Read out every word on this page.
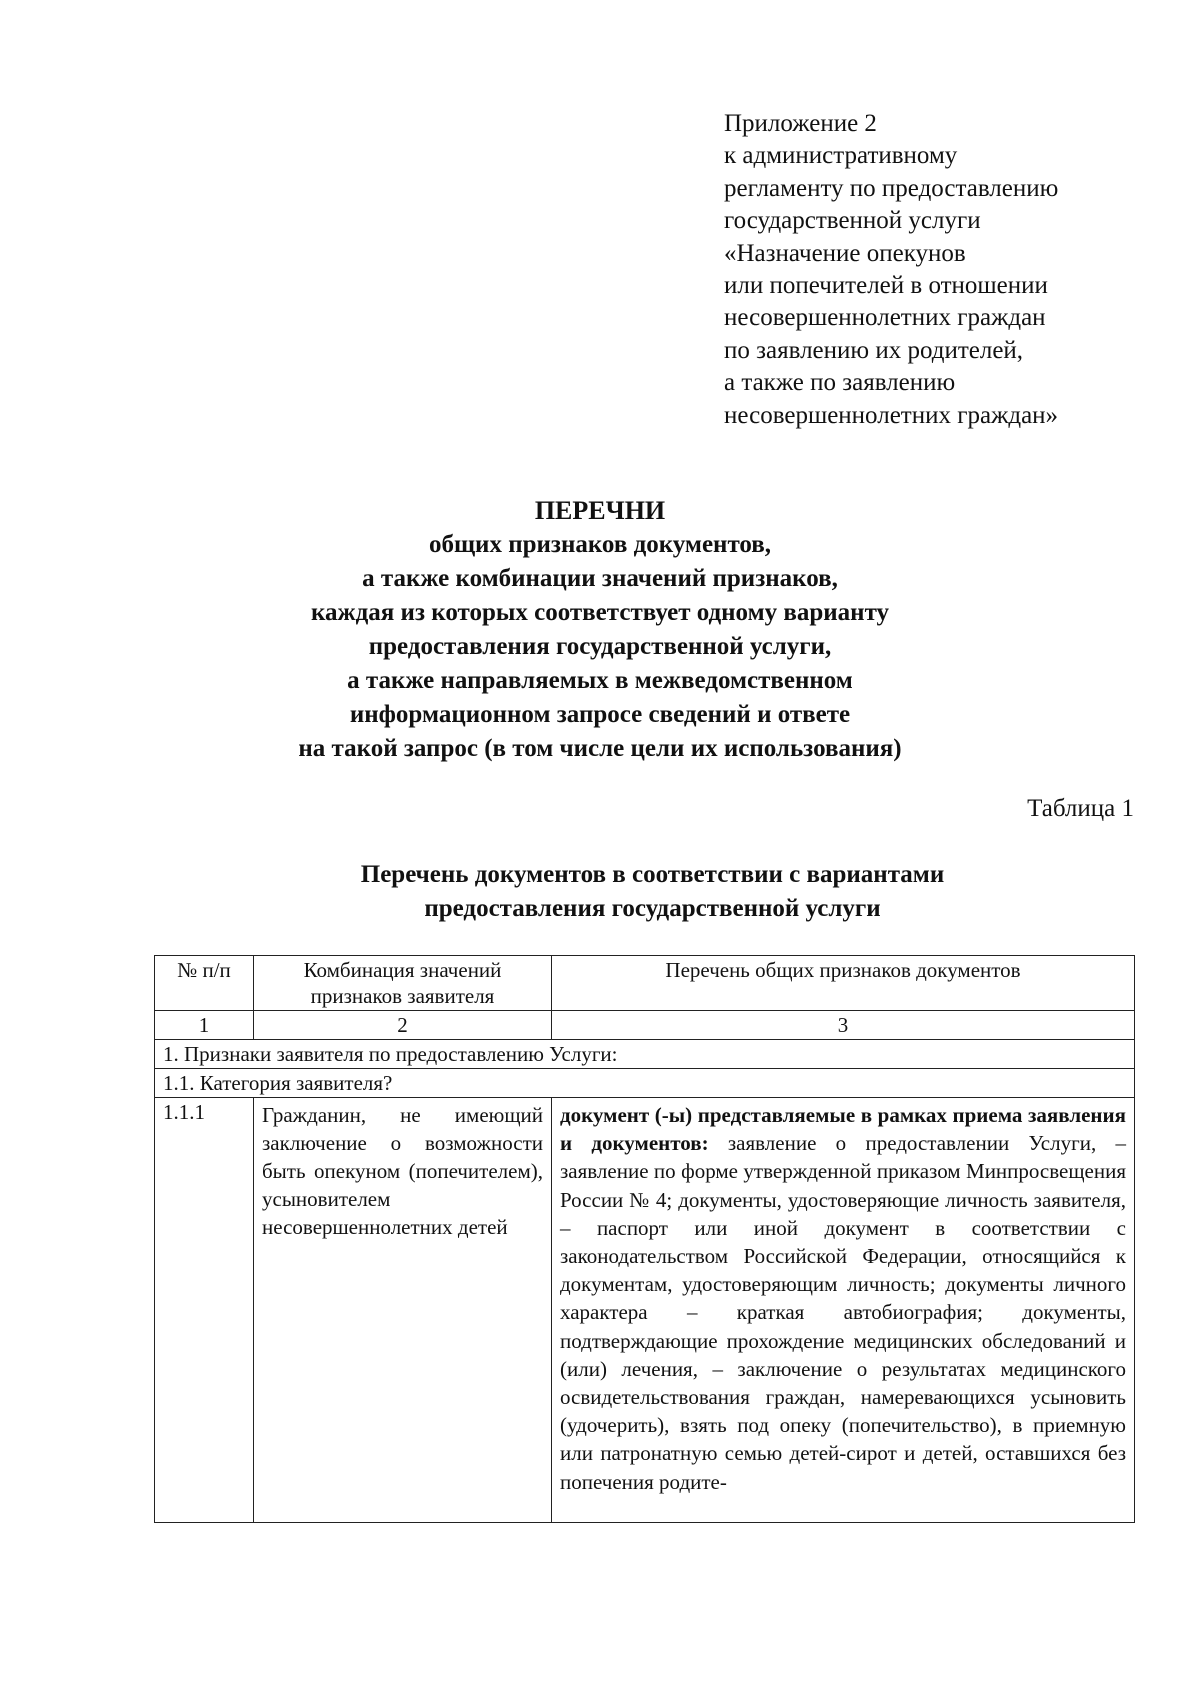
Приложение 2
к административному
регламенту по предоставлению
государственной услуги
«Назначение опекунов
или попечителей в отношении
несовершеннолетних граждан
по заявлению их родителей,
а также по заявлению
несовершеннолетних граждан»
ПЕРЕЧНИ
общих признаков документов,
а также комбинации значений признаков,
каждая из которых соответствует одному варианту
предоставления государственной услуги,
а также направляемых в межведомственном
информационном запросе сведений и ответе
на такой запрос (в том числе цели их использования)
Таблица 1
Перечень документов в соответствии с вариантами
предоставления государственной услуги
№ п/п	Комбинация значений признаков заявителя	Перечень общих признаков документов
1	2	3
1. Признаки заявителя по предоставлению Услуги:		
1.1. Категория заявителя?		
1.1.1	Гражданин, не имеющий заключение о возможности быть опекуном (попечителем), усыновителем несовершеннолетних детей	документ (-ы) представляемые в рамках приема заявления и документов: заявление о предоставлении Услуги, – заявление по форме утвержденной приказом Минпросвещения России № 4; документы, удостоверяющие личность заявителя, – паспорт или иной документ в соответствии с законодательством Российской Федерации, относящийся к документам, удостоверяющим личность; документы личного характера – краткая автобиография; документы, подтверждающие прохождение медицинских обследований и (или) лечения, – заключение о результатах медицинского освидетельствования граждан, намеревающихся усыновить (удочерить), взять под опеку (попечительство), в приемную или патронатную семью детей-сирот и детей, оставшихся без попечения родите-
